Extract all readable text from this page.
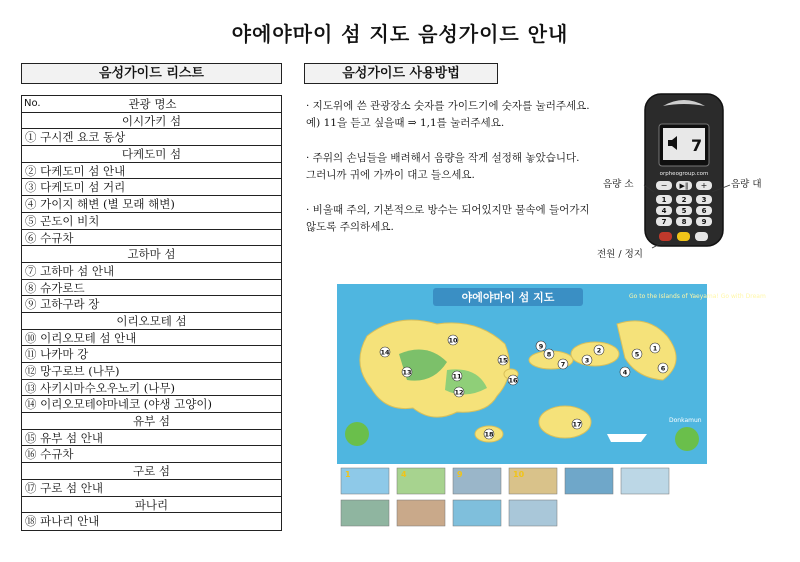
야에야마이 섬 지도 음성가이드 안내
음성가이드 리스트	음성가이드 사용방법
No.	관광 명소
이시가키 섬
① 구시겐 요코 동상
다케도미 섬
② 다케도미 섬 안내
③ 다케도미 섬 거리
④ 가이지 해변 (별 모래 해변)
⑤ 곤도이 비치
⑥ 수규차
고하마 섬
⑦ 고하마 섬 안내
⑧ 슈가로드
⑨ 고하구라 장
이리오모테 섬
⑩ 이리오모테 섬 안내
⑪ 나카마 강
⑫ 망구로브 (나무)
⑬ 사키시마수오우노키 (나무)
⑭ 이리오모테야마네코 (야생 고양이)
유부 섬
⑮ 유부 섬 안내
⑯ 수규차
구로 섬
⑰ 구로 섬 안내
파나리
⑱ 파나리 안내
· 지도위에 쓴 관광장소 숫자를 가이드기에 숫자를 눌러주세요.
예) 11을 듣고 싶을때 ⇒ 1,1를 눌러주세요.
· 주위의 손님들을 배려해서 음량을 작게 설정해 놓았습니다.
그러니까 귀에 가까이 대고 들으세요.
· 비울때 주의, 기본적으로 방수는 되어있지만 물속에 들어가지
않도록 주의하세요.
7
orpheogroup.com
− ▶‖ +
1 2 3
4 5 6
7 8 9
음량 소	음량 대
전원 / 정지
야에야마이 섬 지도	Go to the Islands of Yaeyama! Go with Dream
Donkamun
1
2
3
4
5
6
7
8
9
10
11
12
13
14
15
16
17
18
1	4	9	10
